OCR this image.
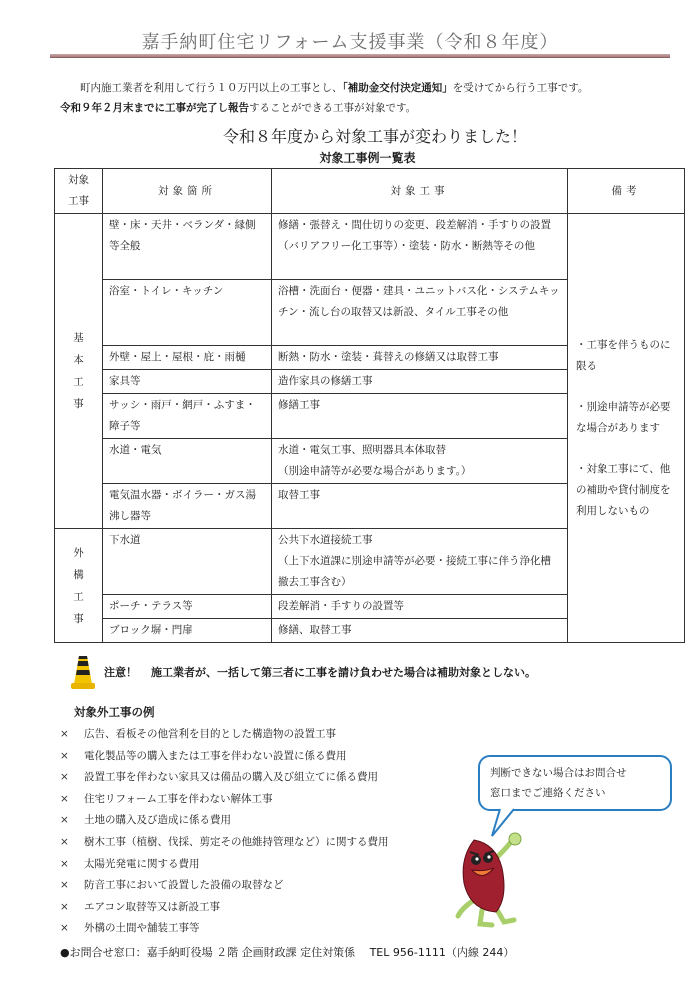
嘉手納町住宅リフォーム支援事業（令和８年度）
町内施工業者を利用して行う１０万円以上の工事とし、「補助金交付決定通知」を受けてから行う工事です。
令和９年２月末までに工事が完了し報告することができる工事が対象です。
令和８年度から対象工事が変わりました！
対象工事例一覧表
対象工事	対象箇所	対象工事	備考
基本工事	壁・床・天井・ベランダ・縁側等全般	修繕・張替え・間仕切りの変更、段差解消・手すりの設置（バリアフリー化工事等）・塗装・防水・断熱等その他	・工事を伴うものに限る

・別途申請等が必要な場合があります

・対象工事にて、他の補助や貸付制度を利用しないもの

	浴室・トイレ・キッチン	浴槽・洗面台・便器・建具・ユニットバス化・システムキッチン・流し台の取替又は新設、タイル工事その他	
	外壁・屋上・屋根・庇・雨樋	断熱・防水・塗装・葺替えの修繕又は取替工事	
	家具等	造作家具の修繕工事	
	サッシ・雨戸・網戸・ふすま・障子等	修繕工事	
	水道・電気	水道・電気工事、照明器具本体取替
（別途申請等が必要な場合があります。）	

	電気温水器・ボイラー・ガス湯沸し器等	取替工事	
外構工事	下水道	公共下水道接続工事
（上下水道課に別途申請等が必要・接続工事に伴う浄化槽撤去工事含む）	

	ポーチ・テラス等	段差解消・手すりの設置等	
	ブロック塀・門扉	修繕、取替工事	
注意！ 施工業者が、一括して第三者に工事を請け負わせた場合は補助対象としない。
対象外工事の例
×	広告、看板その他営利を目的とした構造物の設置工事
×	電化製品等の購入または工事を伴わない設置に係る費用
×	設置工事を伴わない家具又は備品の購入及び組立てに係る費用
×	住宅リフォーム工事を伴わない解体工事
×	土地の購入及び造成に係る費用
×	樹木工事（植樹、伐採、剪定その他維持管理など）に関する費用
×	太陽光発電に関する費用
×	防音工事において設置した設備の取替など
×	エアコン取替等又は新設工事
×	外構の土間や舗装工事等
判断できない場合はお問合せ
窓口までご連絡ください
●お問合せ窓口：嘉手納町役場 ２階 企画財政課 定住対策係　 TEL 956-1111（内線 244）
